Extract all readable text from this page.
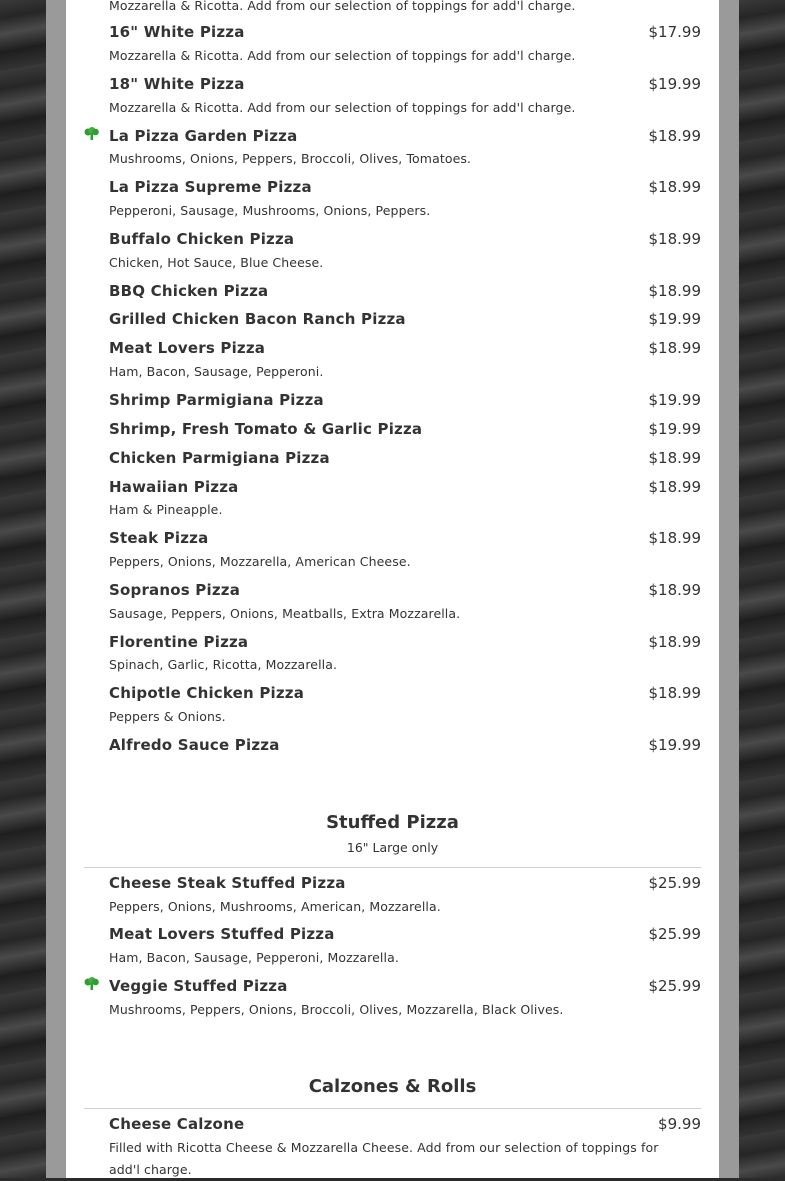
Mozzarella & Ricotta. Add from our selection of toppings for add'l charge.
16" White Pizza	$17.99
Mozzarella & Ricotta. Add from our selection of toppings for add'l charge.
18" White Pizza	$19.99
Mozzarella & Ricotta. Add from our selection of toppings for add'l charge.
La Pizza Garden Pizza	$18.99
Mushrooms, Onions, Peppers, Broccoli, Olives, Tomatoes.
La Pizza Supreme Pizza	$18.99
Pepperoni, Sausage, Mushrooms, Onions, Peppers.
Buffalo Chicken Pizza	$18.99
Chicken, Hot Sauce, Blue Cheese.
BBQ Chicken Pizza	$18.99
Grilled Chicken Bacon Ranch Pizza	$19.99
Meat Lovers Pizza	$18.99
Ham, Bacon, Sausage, Pepperoni.
Shrimp Parmigiana Pizza	$19.99
Shrimp, Fresh Tomato & Garlic Pizza	$19.99
Chicken Parmigiana Pizza	$18.99
Hawaiian Pizza	$18.99
Ham & Pineapple.
Steak Pizza	$18.99
Peppers, Onions, Mozzarella, American Cheese.
Sopranos Pizza	$18.99
Sausage, Peppers, Onions, Meatballs, Extra Mozzarella.
Florentine Pizza	$18.99
Spinach, Garlic, Ricotta, Mozzarella.
Chipotle Chicken Pizza	$18.99
Peppers & Onions.
Alfredo Sauce Pizza	$19.99
Stuffed Pizza
16" Large only
Cheese Steak Stuffed Pizza	$25.99
Peppers, Onions, Mushrooms, American, Mozzarella.
Meat Lovers Stuffed Pizza	$25.99
Ham, Bacon, Sausage, Pepperoni, Mozzarella.
Veggie Stuffed Pizza	$25.99
Mushrooms, Peppers, Onions, Broccoli, Olives, Mozzarella, Black Olives.
Calzones & Rolls
Cheese Calzone	$9.99
Filled with Ricotta Cheese & Mozzarella Cheese. Add from our selection of toppings for
add'l charge.
